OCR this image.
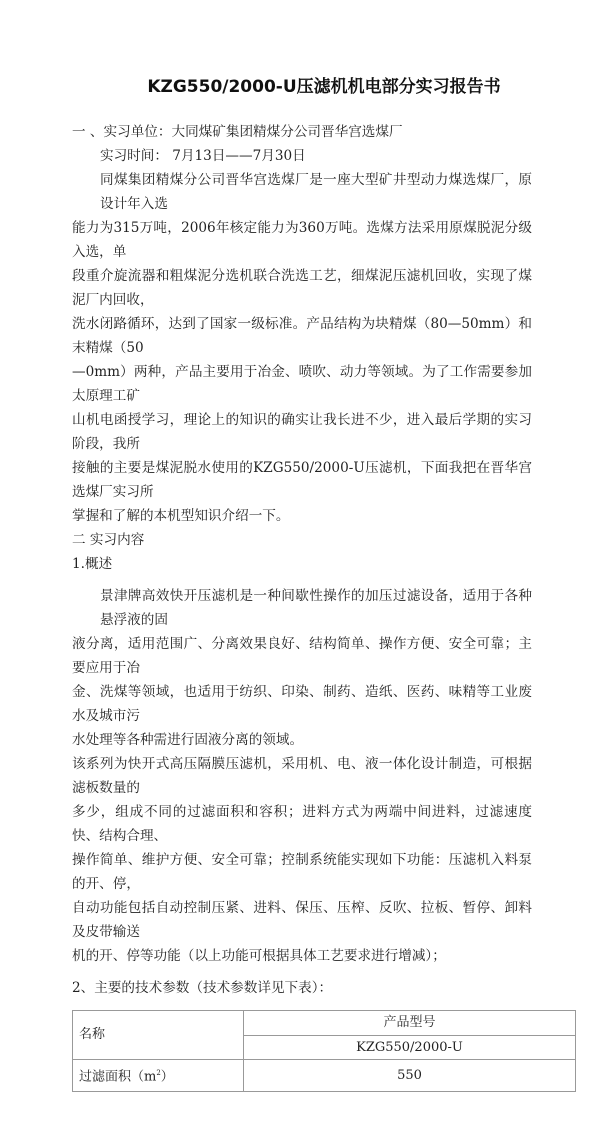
KZG550/2000-U压滤机机电部分实习报告书
一 、实习单位：大同煤矿集团精煤分公司晋华宫选煤厂
实习时间： 7月13日——7月30日
同煤集团精煤分公司晋华宫选煤厂是一座大型矿井型动力煤选煤厂，原设计年入选
能力为315万吨，2006年核定能力为360万吨。选煤方法采用原煤脱泥分级入选，单
段重介旋流器和粗煤泥分选机联合洗选工艺，细煤泥压滤机回收，实现了煤泥厂内回收，
洗水闭路循环，达到了国家一级标准。产品结构为块精煤（80—50mm）和末精煤（50
—0mm）两种，产品主要用于冶金、喷吹、动力等领域。为了工作需要参加太原理工矿
山机电函授学习，理论上的知识的确实让我长进不少，进入最后学期的实习阶段，我所
接触的主要是煤泥脱水使用的KZG550/2000-U压滤机，下面我把在晋华宫选煤厂实习所
掌握和了解的本机型知识介绍一下。
二 实习内容
1.概述
景津牌高效快开压滤机是一种间歇性操作的加压过滤设备，适用于各种悬浮液的固
液分离，适用范围广、分离效果良好、结构简单、操作方便、安全可靠；主要应用于冶
金、洗煤等领域，也适用于纺织、印染、制药、造纸、医药、味精等工业废水及城市污
水处理等各种需进行固液分离的领域。
该系列为快开式高压隔膜压滤机，采用机、电、液一体化设计制造，可根据滤板数量的
多少，组成不同的过滤面积和容积；进料方式为两端中间进料，过滤速度快、结构合理、
操作简单、维护方便、安全可靠；控制系统能实现如下功能：压滤机入料泵的开、停，
自动功能包括自动控制压紧、进料、保压、压榨、反吹、拉板、暂停、卸料及皮带输送
机的开、停等功能（以上功能可根据具体工艺要求进行增减）；
2、主要的技术参数（技术参数详见下表）：
名称	产品型号
	KZG550/2000-U
过滤面积$(m^2)$	550
